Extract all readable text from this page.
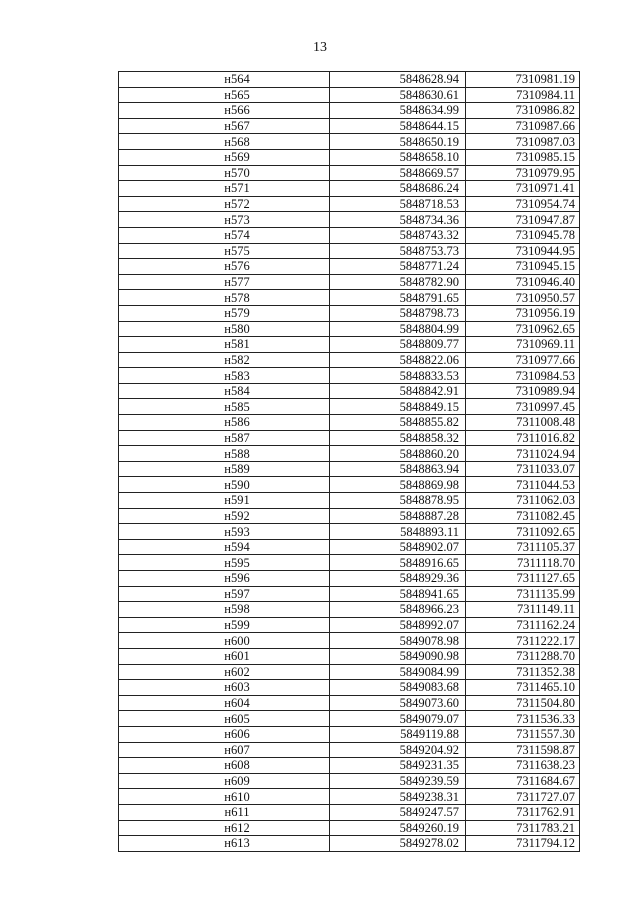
13
н564	5848628.94	7310981.19
н565	5848630.61	7310984.11
н566	5848634.99	7310986.82
н567	5848644.15	7310987.66
н568	5848650.19	7310987.03
н569	5848658.10	7310985.15
н570	5848669.57	7310979.95
н571	5848686.24	7310971.41
н572	5848718.53	7310954.74
н573	5848734.36	7310947.87
н574	5848743.32	7310945.78
н575	5848753.73	7310944.95
н576	5848771.24	7310945.15
н577	5848782.90	7310946.40
н578	5848791.65	7310950.57
н579	5848798.73	7310956.19
н580	5848804.99	7310962.65
н581	5848809.77	7310969.11
н582	5848822.06	7310977.66
н583	5848833.53	7310984.53
н584	5848842.91	7310989.94
н585	5848849.15	7310997.45
н586	5848855.82	7311008.48
н587	5848858.32	7311016.82
н588	5848860.20	7311024.94
н589	5848863.94	7311033.07
н590	5848869.98	7311044.53
н591	5848878.95	7311062.03
н592	5848887.28	7311082.45
н593	5848893.11	7311092.65
н594	5848902.07	7311105.37
н595	5848916.65	7311118.70
н596	5848929.36	7311127.65
н597	5848941.65	7311135.99
н598	5848966.23	7311149.11
н599	5848992.07	7311162.24
н600	5849078.98	7311222.17
н601	5849090.98	7311288.70
н602	5849084.99	7311352.38
н603	5849083.68	7311465.10
н604	5849073.60	7311504.80
н605	5849079.07	7311536.33
н606	5849119.88	7311557.30
н607	5849204.92	7311598.87
н608	5849231.35	7311638.23
н609	5849239.59	7311684.67
н610	5849238.31	7311727.07
н611	5849247.57	7311762.91
н612	5849260.19	7311783.21
н613	5849278.02	7311794.12
